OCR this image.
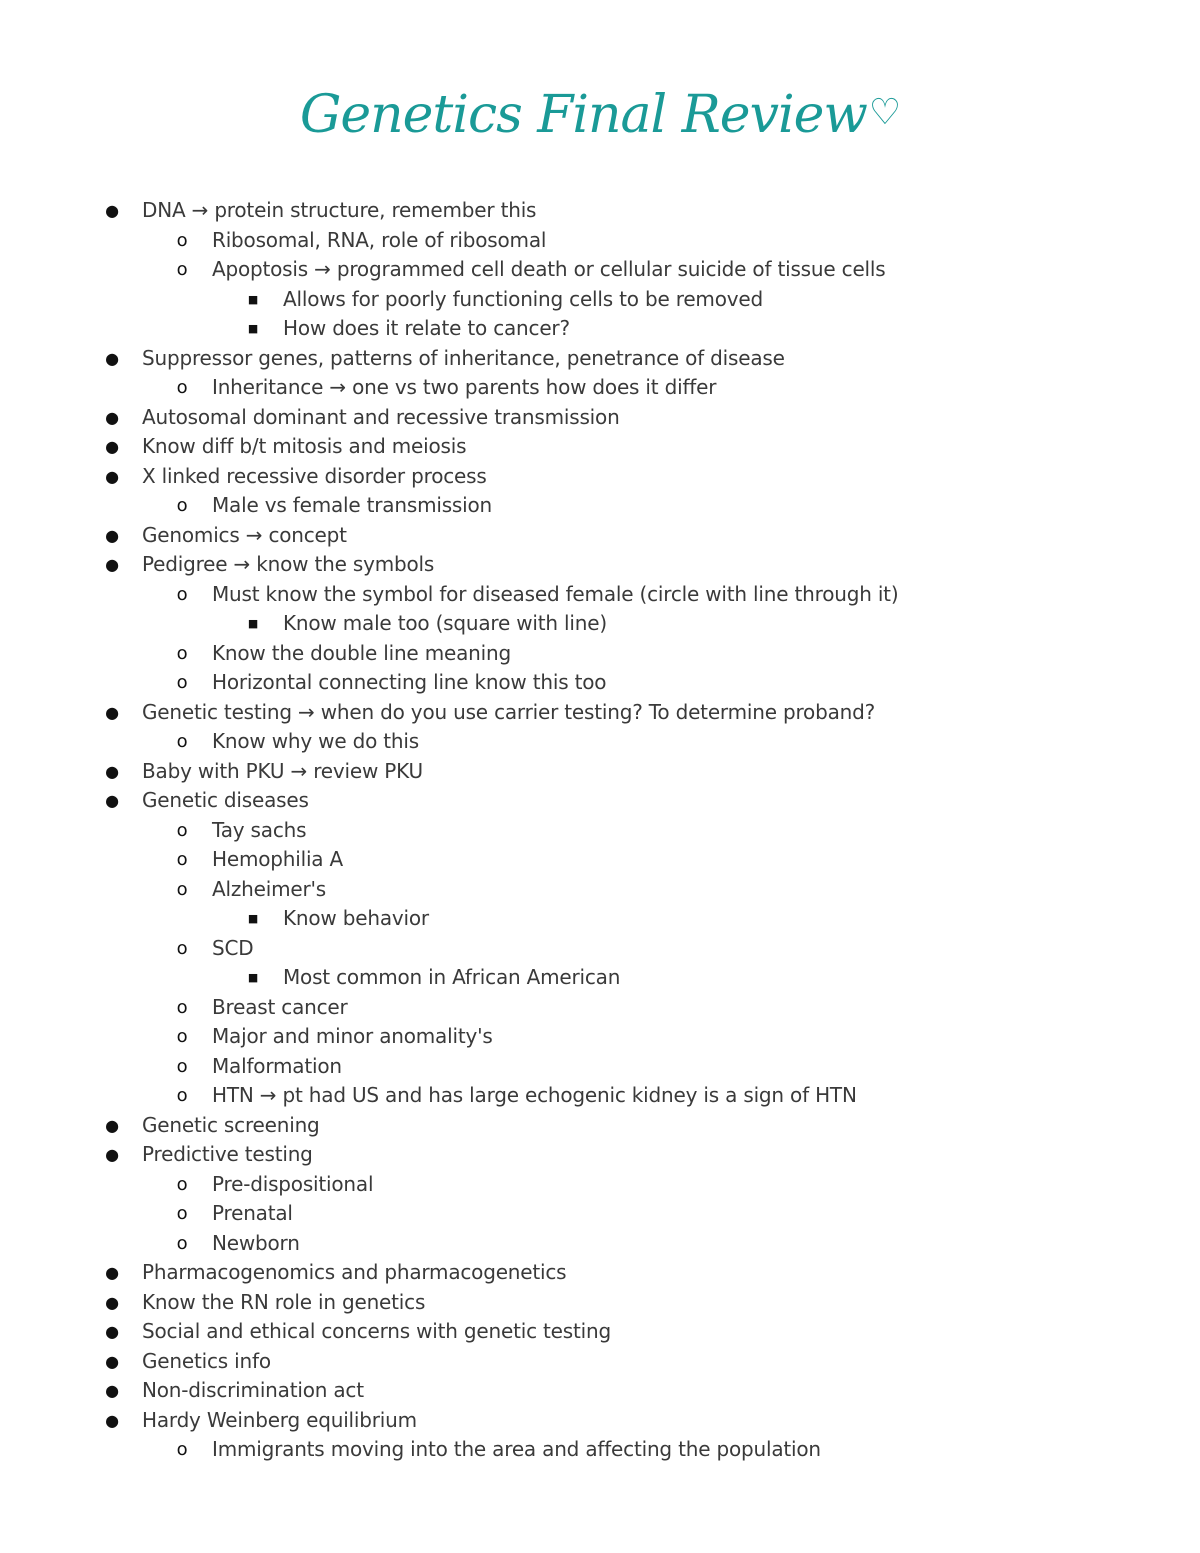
Genetics Final Review♡
● DNA → protein structure, remember this
o Ribosomal, RNA, role of ribosomal
o Apoptosis → programmed cell death or cellular suicide of tissue cells
■ Allows for poorly functioning cells to be removed
■ How does it relate to cancer?
● Suppressor genes, patterns of inheritance, penetrance of disease
o Inheritance → one vs two parents how does it differ
● Autosomal dominant and recessive transmission
● Know diff b/t mitosis and meiosis
● X linked recessive disorder process
o Male vs female transmission
● Genomics → concept
● Pedigree → know the symbols
o Must know the symbol for diseased female (circle with line through it)
■ Know male too (square with line)
o Know the double line meaning
o Horizontal connecting line know this too
● Genetic testing → when do you use carrier testing? To determine proband?
o Know why we do this
● Baby with PKU → review PKU
● Genetic diseases
o Tay sachs
o Hemophilia A
o Alzheimer's
■ Know behavior
o SCD
■ Most common in African American
o Breast cancer
o Major and minor anomality's
o Malformation
o HTN → pt had US and has large echogenic kidney is a sign of HTN
● Genetic screening
● Predictive testing
o Pre-dispositional
o Prenatal
o Newborn
● Pharmacogenomics and pharmacogenetics
● Know the RN role in genetics
● Social and ethical concerns with genetic testing
● Genetics info
● Non-discrimination act
● Hardy Weinberg equilibrium
o Immigrants moving into the area and affecting the population
